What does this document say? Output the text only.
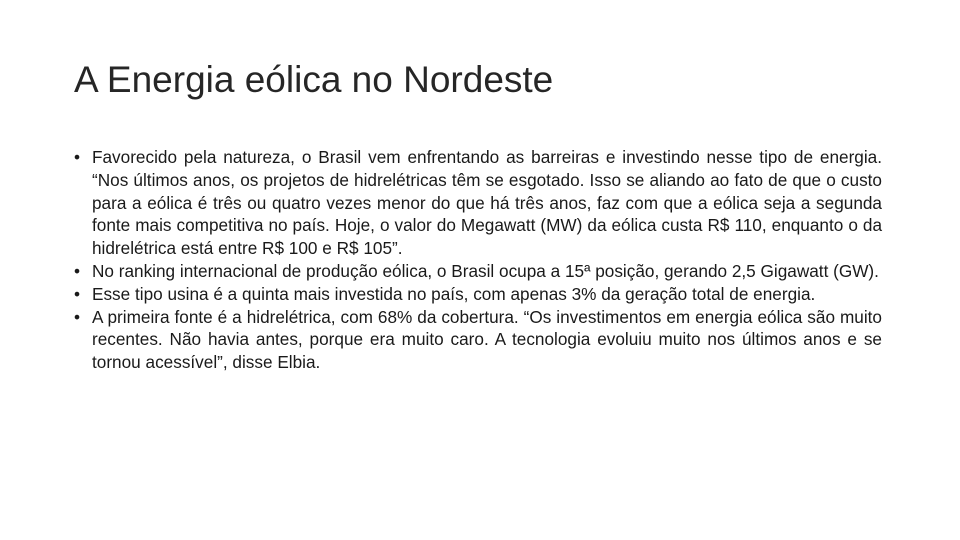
A Energia eólica no Nordeste
• Favorecido pela natureza, o Brasil vem enfrentando as barreiras e investindo nesse tipo de energia. “Nos últimos anos, os projetos de hidrelétricas têm se esgotado. Isso se aliando ao fato de que o custo para a eólica é três ou quatro vezes menor do que há três anos, faz com que a eólica seja a segunda fonte mais competitiva no país. Hoje, o valor do Megawatt (MW) da eólica custa R$ 110, enquanto o da hidrelétrica está entre R$ 100 e R$ 105”.
• No ranking internacional de produção eólica, o Brasil ocupa a 15ª posição, gerando 2,5 Gigawatt (GW).
• Esse tipo usina é a quinta mais investida no país, com apenas 3% da geração total de energia.
• A primeira fonte é a hidrelétrica, com 68% da cobertura. “Os investimentos em energia eólica são muito recentes. Não havia antes, porque era muito caro. A tecnologia evoluiu muito nos últimos anos e se tornou acessível”, disse Elbia.
